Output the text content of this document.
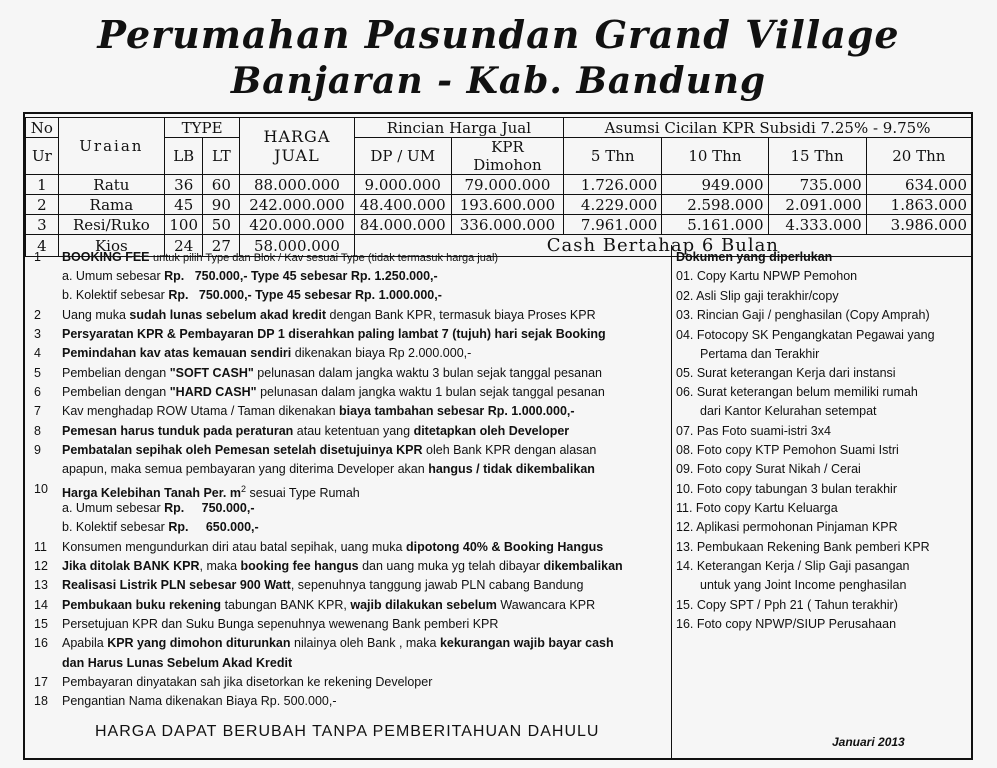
Perumahan Pasundan Grand Village
Banjaran - Kab. Bandung
No	Uraian	TYPE		HARGA JUAL	Rincian Harga Jual		Asumsi Cicilan KPR Subsidi 7.25% - 9.75%			
Ur		LB	LT		DP / UM	KPR Dimohon	5 Thn	10 Thn	15 Thn	20 Thn
1	Ratu	36	60	88.000.000	9.000.000	79.000.000	1.726.000	949.000	735.000	634.000
2	Rama	45	90	242.000.000	48.400.000	193.600.000	4.229.000	2.598.000	2.091.000	1.863.000
3	Resi/Ruko	100	50	420.000.000	84.000.000	336.000.000	7.961.000	5.161.000	4.333.000	3.986.000
4	Kios	24	27	58.000.000	Cash Bertahap 6 Bulan					
1	BOOKING FEE untuk pilih Type dan Blok / Kav sesuai Type (tidak termasuk harga jual)
a. Umum sebesar Rp. 750.000,- Type 45 sebesar Rp. 1.250.000,-
b. Kolektif sebesar Rp. 750.000,- Type 45 sebesar Rp. 1.000.000,-
2	Uang muka sudah lunas sebelum akad kredit dengan Bank KPR, termasuk biaya Proses KPR
3	Persyaratan KPR & Pembayaran DP 1 diserahkan paling lambat 7 (tujuh) hari sejak Booking
4	Pemindahan kav atas kemauan sendiri dikenakan biaya Rp 2.000.000,-
5	Pembelian dengan "SOFT CASH" pelunasan dalam jangka waktu 3 bulan sejak tanggal pesanan
6	Pembelian dengan "HARD CASH" pelunasan dalam jangka waktu 1 bulan sejak tanggal pesanan
7	Kav menghadap ROW Utama / Taman dikenakan biaya tambahan sebesar Rp. 1.000.000,-
8	Pemesan harus tunduk pada peraturan atau ketentuan yang ditetapkan oleh Developer
9	Pembatalan sepihak oleh Pemesan setelah disetujuinya KPR oleh Bank KPR dengan alasan
apapun, maka semua pembayaran yang diterima Developer akan hangus / tidak dikembalikan
10	Harga Kelebihan Tanah Per. $m^2$ sesuai Type Rumah
a. Umum sebesar Rp. 750.000,-
b. Kolektif sebesar Rp. 650.000,-
11	Konsumen mengundurkan diri atau batal sepihak, uang muka dipotong 40% & Booking Hangus
12	Jika ditolak BANK KPR, maka booking fee hangus dan uang muka yg telah dibayar dikembalikan
13	Realisasi Listrik PLN sebesar 900 Watt, sepenuhnya tanggung jawab PLN cabang Bandung
14	Pembukaan buku rekening tabungan BANK KPR, wajib dilakukan sebelum Wawancara KPR
15	Persetujuan KPR dan Suku Bunga sepenuhnya wewenang Bank pemberi KPR
16	Apabila KPR yang dimohon diturunkan nilainya oleh Bank , maka kekurangan wajib bayar cash
dan Harus Lunas Sebelum Akad Kredit
17	Pembayaran dinyatakan sah jika disetorkan ke rekening Developer
18	Pengantian Nama dikenakan Biaya Rp. 500.000,-
Dokumen yang diperlukan
01. Copy Kartu NPWP Pemohon
02. Asli Slip gaji terakhir/copy
03. Rincian Gaji / penghasilan (Copy Amprah)
04. Fotocopy SK Pengangkatan Pegawai yang
Pertama dan Terakhir
05. Surat keterangan Kerja dari instansi
06. Surat keterangan belum memiliki rumah
dari Kantor Kelurahan setempat
07. Pas Foto suami-istri 3x4
08. Foto copy KTP Pemohon Suami Istri
09. Foto copy Surat Nikah / Cerai
10. Foto copy tabungan 3 bulan terakhir
11. Foto copy Kartu Keluarga
12. Aplikasi permohonan Pinjaman KPR
13. Pembukaan Rekening Bank pemberi KPR
14. Keterangan Kerja / Slip Gaji pasangan
untuk yang Joint Income penghasilan
15. Copy SPT / Pph 21 ( Tahun terakhir)
16. Foto copy NPWP/SIUP Perusahaan
HARGA DAPAT BERUBAH TANPA PEMBERITAHUAN DAHULU
Januari 2013
